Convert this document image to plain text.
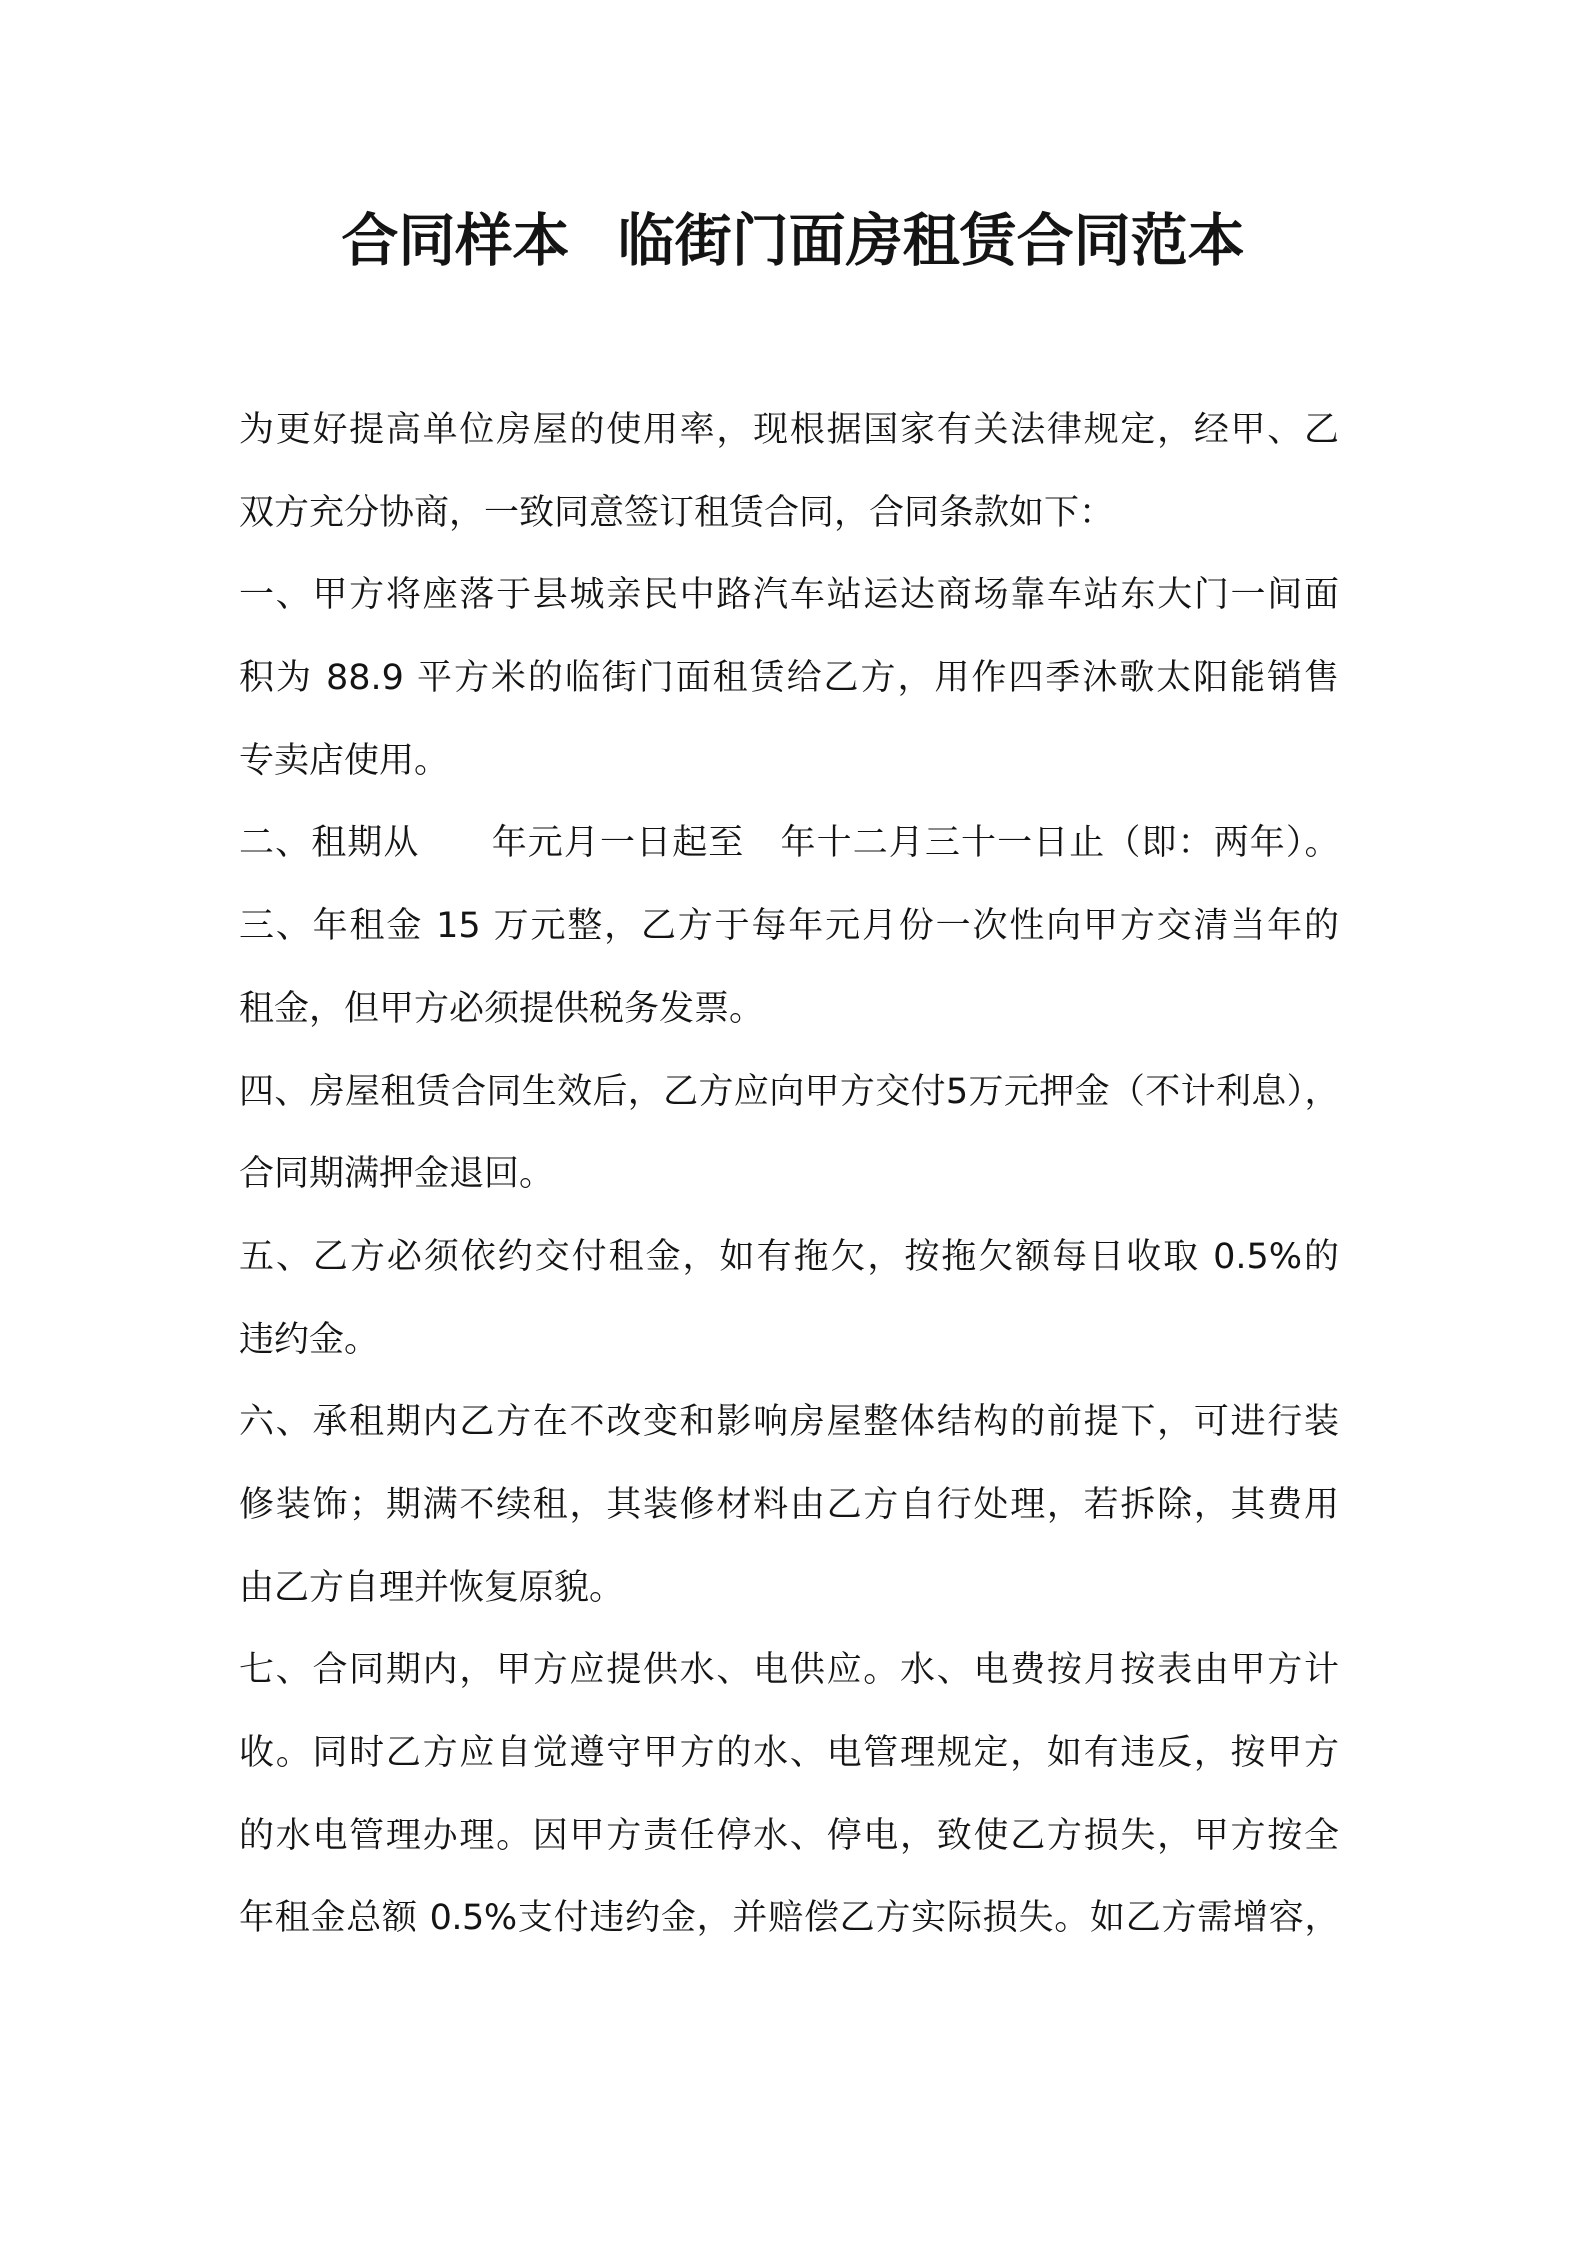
合同样本 临街门面房租赁合同范本
为更好提高单位房屋的使用率，现根据国家有关法律规定，经甲、乙
双方充分协商，一致同意签订租赁合同，合同条款如下：
一、甲方将座落于县城亲民中路汽车站运达商场靠车站东大门一间面
积为 88.9 平方米的临街门面租赁给乙方，用作四季沐歌太阳能销售
专卖店使用。
二、租期从　　年元月一日起至　年十二月三十一日止（即：两年）。
三、年租金 15 万元整，乙方于每年元月份一次性向甲方交清当年的
租金，但甲方必须提供税务发票。
四、房屋租赁合同生效后，乙方应向甲方交付5万元押金（不计利息），
合同期满押金退回。
五、乙方必须依约交付租金，如有拖欠，按拖欠额每日收取 0.5%的
违约金。
六、承租期内乙方在不改变和影响房屋整体结构的前提下，可进行装
修装饰；期满不续租，其装修材料由乙方自行处理，若拆除，其费用
由乙方自理并恢复原貌。
七、合同期内，甲方应提供水、电供应。水、电费按月按表由甲方计
收。同时乙方应自觉遵守甲方的水、电管理规定，如有违反，按甲方
的水电管理办理。因甲方责任停水、停电，致使乙方损失，甲方按全
年租金总额 0.5%支付违约金，并赔偿乙方实际损失。如乙方需增容，
